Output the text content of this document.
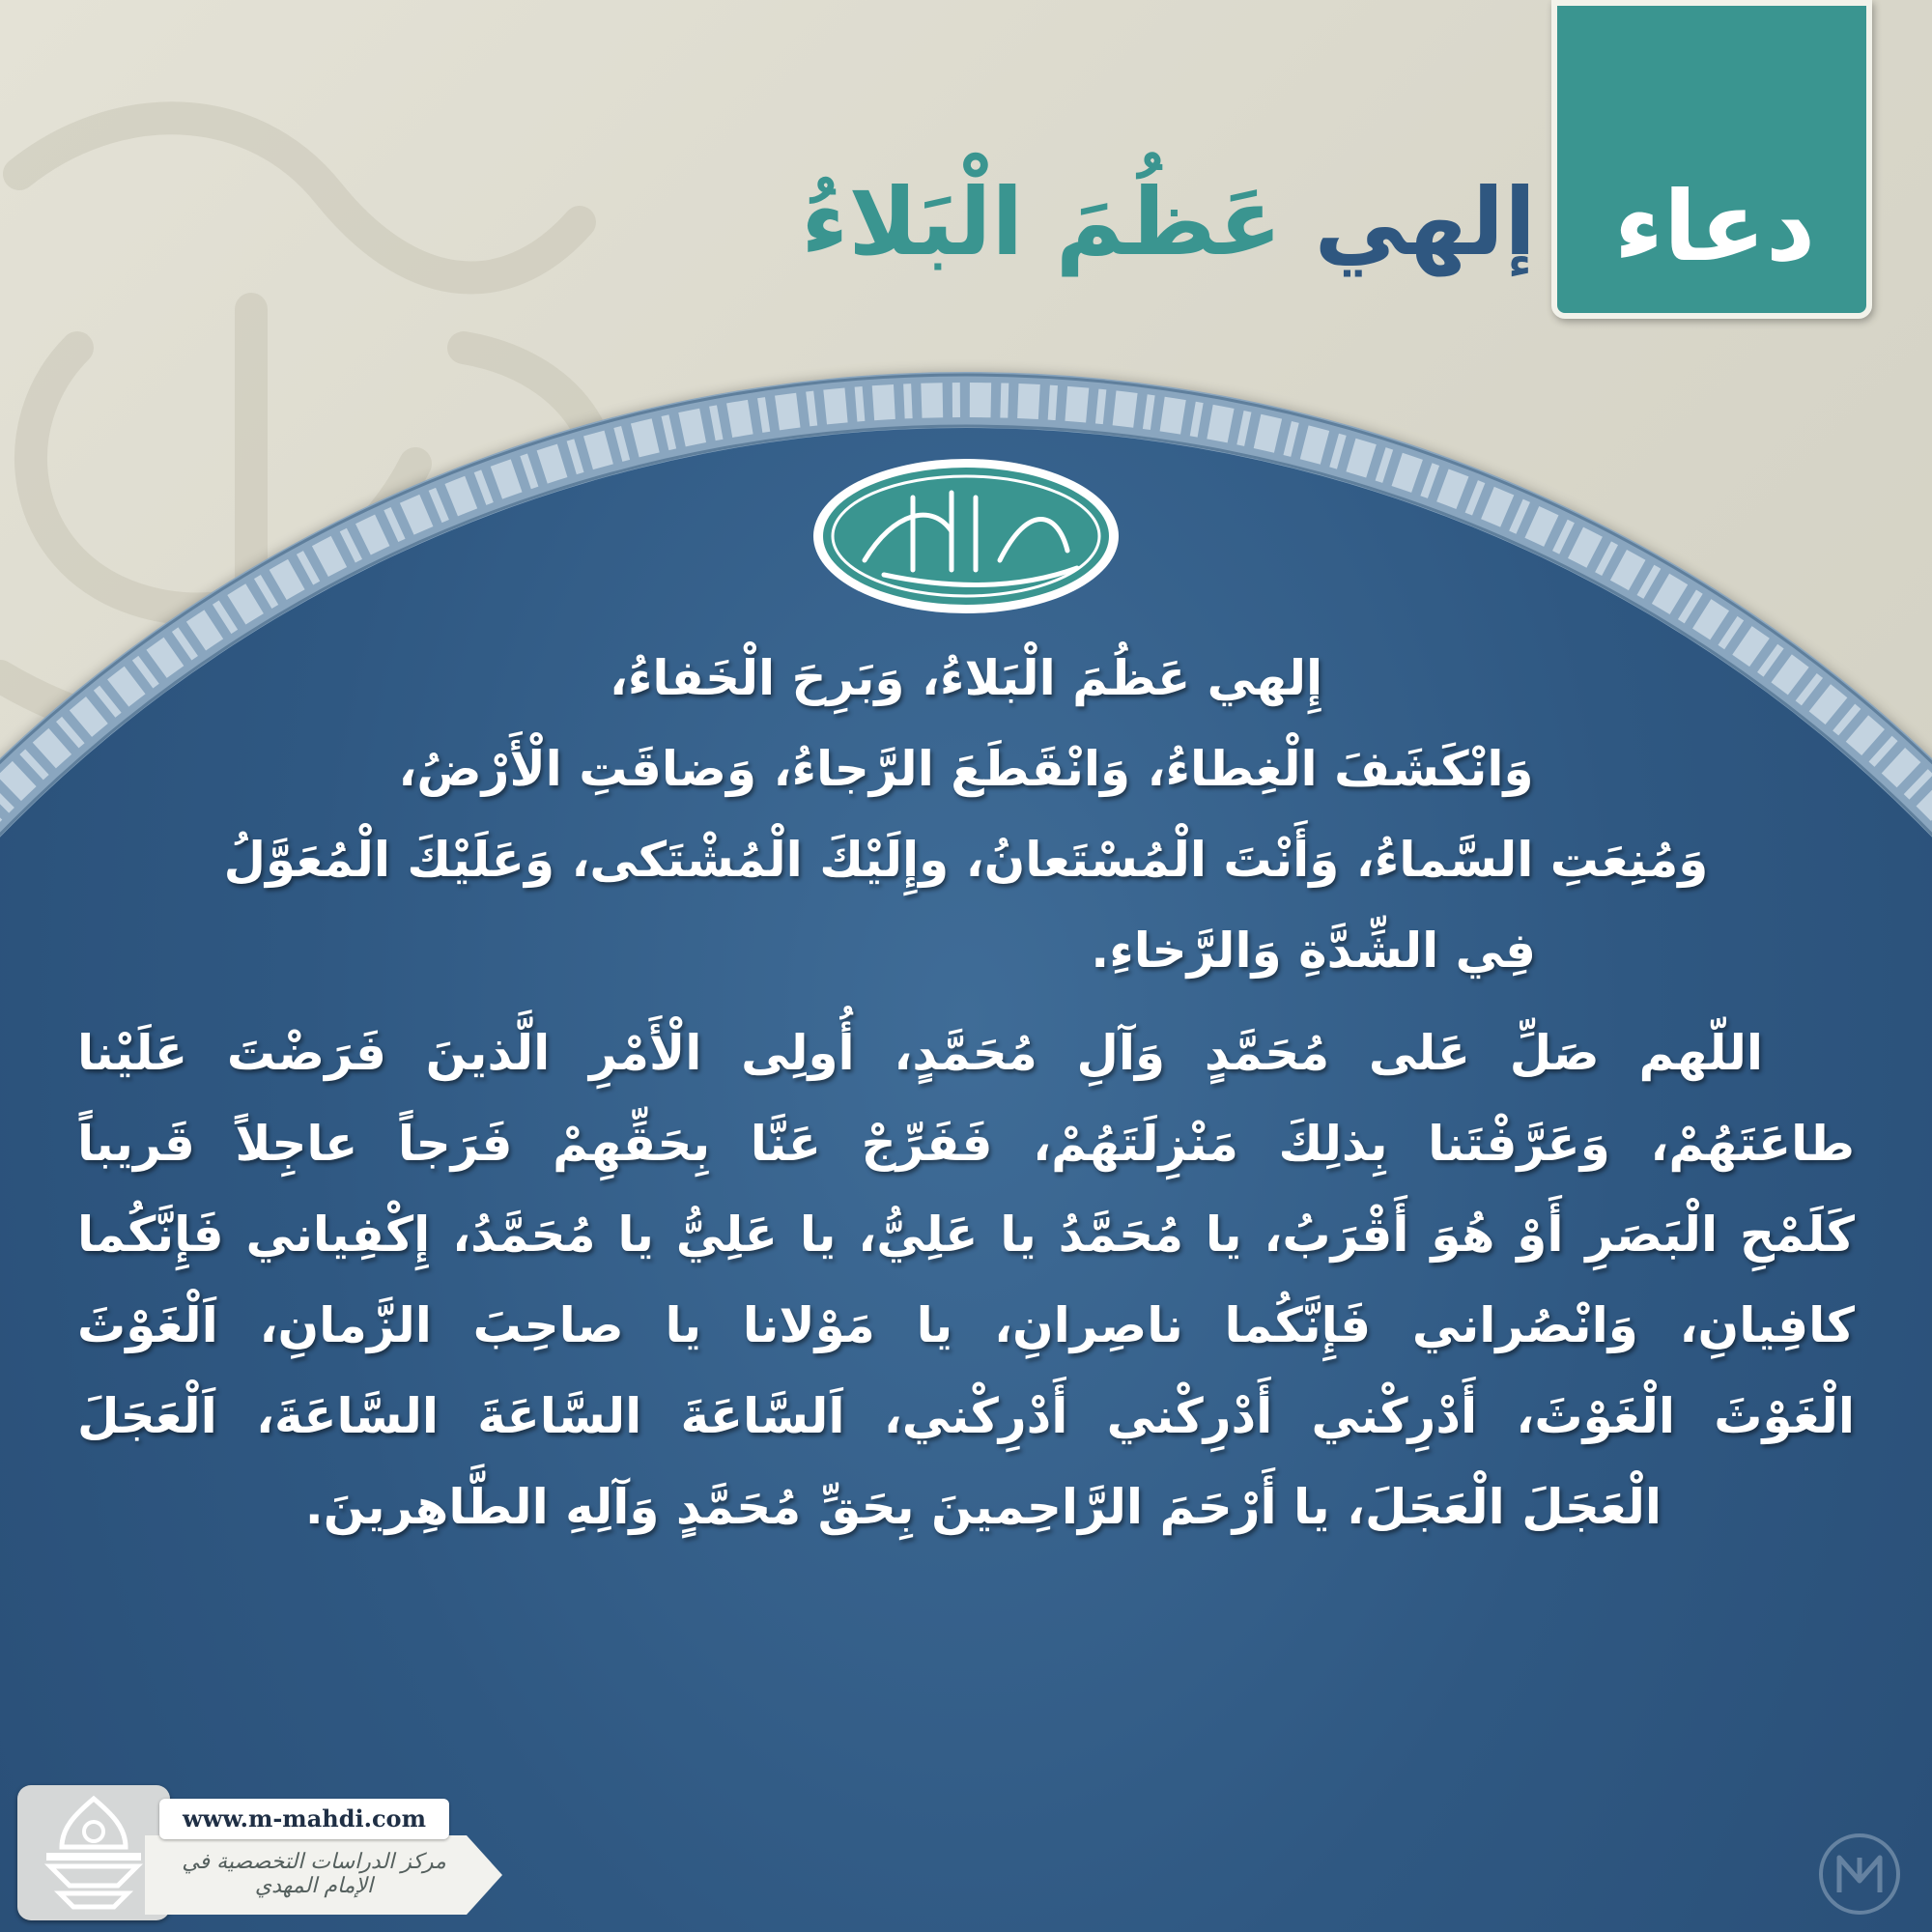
دعاء
إلهي عَظُمَ الْبَلاءُ
إِلهي عَظُمَ الْبَلاءُ، وَبَرِحَ الْخَفاءُ،
وَانْكَشَفَ الْغِطاءُ، وَانْقَطَعَ الرَّجاءُ، وَضاقَتِ الْأَرْضُ،
وَمُنِعَتِ السَّماءُ، وَأَنْتَ الْمُسْتَعانُ، وإِلَيْكَ الْمُشْتَكى، وَعَلَيْكَ الْمُعَوَّلُ
فِي الشِّدَّةِ وَالرَّخاءِ.
اللّهم صَلِّ عَلى مُحَمَّدٍ وَآلِ مُحَمَّدٍ، أُولِى الْأَمْرِ الَّذينَ فَرَضْتَ عَلَيْنا
طاعَتَهُمْ، وَعَرَّفْتَنا بِذلِكَ مَنْزِلَتَهُمْ، فَفَرِّجْ عَنَّا بِحَقِّهِمْ فَرَجاً عاجِلاً قَريباً
كَلَمْحِ الْبَصَرِ أَوْ هُوَ أَقْرَبُ، يا مُحَمَّدُ يا عَلِيُّ، يا عَلِيُّ يا مُحَمَّدُ، إِكْفِياني فَإِنَّكُما
كافِيانِ، وَانْصُراني فَإِنَّكُما ناصِرانِ، يا مَوْلانا يا صاحِبَ الزَّمانِ، اَلْغَوْثَ
الْغَوْثَ الْغَوْثَ، أَدْرِكْني أَدْرِكْني أَدْرِكْني، اَلسَّاعَةَ السَّاعَةَ السَّاعَةَ، اَلْعَجَلَ
الْعَجَلَ الْعَجَلَ، يا أَرْحَمَ الرَّاحِمينَ بِحَقِّ مُحَمَّدٍ وَآلِهِ الطَّاهِرينَ.
www.m-mahdi.com
مركز الدراسات التخصصية في الإمام المهدي
